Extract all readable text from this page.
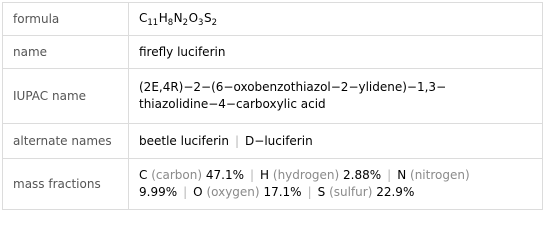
formula	$C_{11}H_8N_2O_3S_2$
name	firefly luciferin
IUPAC name	(2E,4R)−2−(6−oxobenzothiazol−2−ylidene)−1,3−
thiazolidine−4−carboxylic acid

alternate names	beetle luciferin | D−luciferin
mass fractions	C (carbon) 47.1% | H (hydrogen) 2.88% | N (nitrogen)
9.99% | O (oxygen) 17.1% | S (sulfur) 22.9%
